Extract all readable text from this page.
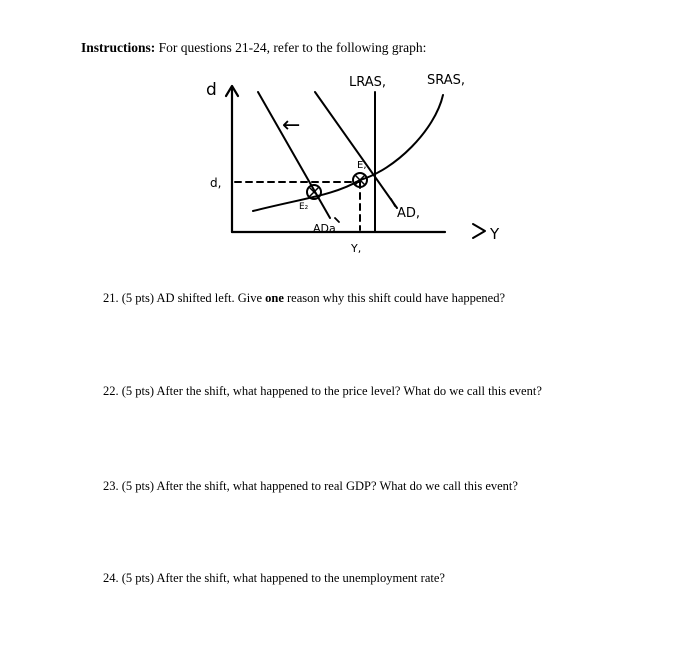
Instructions: For questions 21-24, refer to the following graph:
d
Y
LRAS,	SRAS,
AD,
ADa
E,
E₂
d,
Y,
←
21. (5 pts) AD shifted left. Give one reason why this shift could have happened?
22. (5 pts) After the shift, what happened to the price level? What do we call this event?
23. (5 pts) After the shift, what happened to real GDP? What do we call this event?
24. (5 pts) After the shift, what happened to the unemployment rate?
